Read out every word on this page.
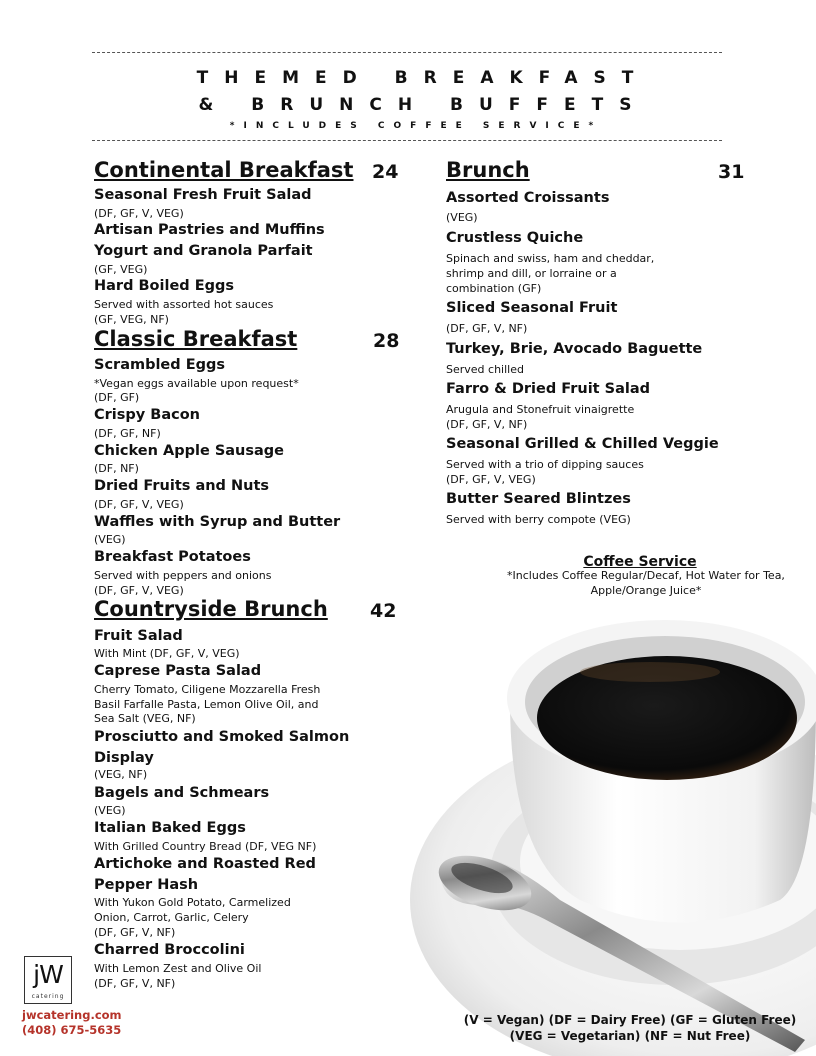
THEMED BREAKFAST
& BRUNCH BUFFETS
*INCLUDES COFFEE SERVICE*
Continental Breakfast 24
Seasonal Fresh Fruit Salad
(DF, GF, V, VEG)
Artisan Pastries and Muffins
Yogurt and Granola Parfait
(GF, VEG)
Hard Boiled Eggs
Served with assorted hot sauces
(GF, VEG, NF)
Classic Breakfast	28
Scrambled Eggs
*Vegan eggs available upon request*
(DF, GF)
Crispy Bacon
(DF, GF, NF)
Chicken Apple Sausage
(DF, NF)
Dried Fruits and Nuts
(DF, GF, V, VEG)
Waffles with Syrup and Butter
(VEG)
Breakfast Potatoes
Served with peppers and onions
(DF, GF, V, VEG)
Countryside Brunch 42
Fruit Salad
With Mint (DF, GF, V, VEG)
Caprese Pasta Salad
Cherry Tomato, Ciligene Mozzarella Fresh
Basil Farfalle Pasta, Lemon Olive Oil, and
Sea Salt (VEG, NF)
Prosciutto and Smoked Salmon
Display
(VEG, NF)
Bagels and Schmears
(VEG)
Italian Baked Eggs
With Grilled Country Bread (DF, VEG NF)
Artichoke and Roasted Red
Pepper Hash
With Yukon Gold Potato, Carmelized
Onion, Carrot, Garlic, Celery
(DF, GF, V, NF)
Charred Broccolini
With Lemon Zest and Olive Oil
(DF, GF, V, NF)
Brunch	31
Assorted Croissants
(VEG)
Crustless Quiche
Spinach and swiss, ham and cheddar,
shrimp and dill, or lorraine or a
combination (GF)
Sliced Seasonal Fruit
(DF, GF, V, NF)
Turkey, Brie, Avocado Baguette
Served chilled
Farro & Dried Fruit Salad
Arugula and Stonefruit vinaigrette
(DF, GF, V, NF)
Seasonal Grilled & Chilled Veggie
Served with a trio of dipping sauces
(DF, GF, V, VEG)
Butter Seared Blintzes
Served with berry compote (VEG)
Coffee Service
*Includes Coffee Regular/Decaf, Hot Water for Tea, Apple/Orange Juice*
(V = Vegan) (DF = Dairy Free) (GF = Gluten Free)
(VEG = Vegetarian) (NF = Nut Free)
jW
catering
jwcatering.com
(408) 675-5635
